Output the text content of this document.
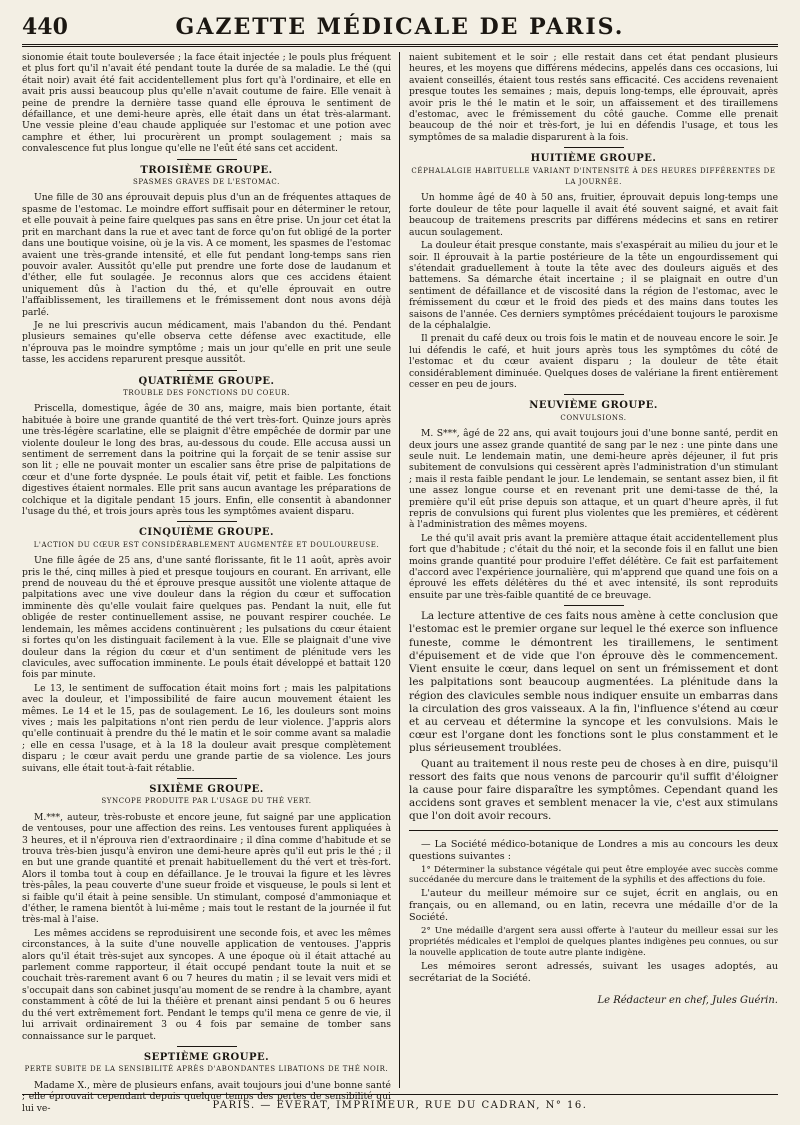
440	GAZETTE MÉDICALE DE PARIS.

sionomie était toute bouleversée ; la face était injectée ; le pouls plus fréquent et plus fort qu'il n'avait été pendant toute la durée de sa maladie. Le thé (qui était noir) avait été fait accidentellement plus fort qu'à l'ordinaire, et elle en avait pris aussi beaucoup plus qu'elle n'avait coutume de faire. Elle venait à peine de prendre la dernière tasse quand elle éprouva le sentiment de défaillance, et une demi-heure après, elle était dans un état très-alarmant. Une vessie pleine d'eau chaude appliquée sur l'estomac et une potion avec camphre et éther, lui procurèrent un prompt soulagement ; mais sa convalescence fut plus longue qu'elle ne l'eût été sans cet accident.

TROISIÈME GROUPE.
SPASMES GRAVES DE L'ESTOMAC.

Une fille de 30 ans éprouvait depuis plus d'un an de fréquentes attaques de spasme de l'estomac. Le moindre effort suffisait pour en déterminer le retour, et elle pouvait à peine faire quelques pas sans en être prise. Un jour cet état la prit en marchant dans la rue et avec tant de force qu'on fut obligé de la porter dans une boutique voisine, où je la vis. A ce moment, les spasmes de l'estomac avaient une très-grande intensité, et elle fut pendant long-temps sans rien pouvoir avaler. Aussitôt qu'elle put prendre une forte dose de laudanum et d'éther, elle fut soulagée. Je reconnus alors que ces accidens étaient uniquement dûs à l'action du thé, et qu'elle éprouvait en outre l'affaiblissement, les tiraillemens et le frémissement dont nous avons déjà parlé.

Je ne lui prescrivis aucun médicament, mais l'abandon du thé. Pendant plusieurs semaines qu'elle observa cette défense avec exactitude, elle n'éprouva pas le moindre symptôme ; mais un jour qu'elle en prit une seule tasse, les accidens reparurent presque aussitôt.

QUATRIÈME GROUPE.
TROUBLE DES FONCTIONS DU COEUR.

Priscella, domestique, âgée de 30 ans, maigre, mais bien portante, était habituée à boire une grande quantité de thé vert très-fort. Quinze jours après une très-légère scarlatine, elle se plaignit d'être empêchée de dormir par une violente douleur le long des bras, au-dessous du coude. Elle accusa aussi un sentiment de serrement dans la poitrine qui la forçait de se tenir assise sur son lit ; elle ne pouvait monter un escalier sans être prise de palpitations de cœur et d'une forte dyspnée. Le pouls était vif, petit et faible. Les fonctions digestives étaient normales. Elle prit sans aucun avantage les préparations de colchique et la digitale pendant 15 jours. Enfin, elle consentit à abandonner l'usage du thé, et trois jours après tous les symptômes avaient disparu.

CINQUIÈME GROUPE.
L'ACTION DU CŒUR EST CONSIDÉRABLEMENT AUGMENTÉE ET DOULOUREUSE.

Une fille âgée de 25 ans, d'une santé florissante, fit le 11 août, après avoir pris le thé, cinq milles à pied et presque toujours en courant. En arrivant, elle prend de nouveau du thé et éprouve presque aussitôt une violente attaque de palpitations avec une vive douleur dans la région du cœur et suffocation imminente dès qu'elle voulait faire quelques pas. Pendant la nuit, elle fut obligée de rester continuellement assise, ne pouvant respirer couchée. Le lendemain, les mêmes accidens continuèrent ; les pulsations du cœur étaient si fortes qu'on les distinguait facilement à la vue. Elle se plaignait d'une vive douleur dans la région du cœur et d'un sentiment de plénitude vers les clavicules, avec suffocation imminente. Le pouls était développé et battait 120 fois par minute.

Le 13, le sentiment de suffocation était moins fort ; mais les palpitations avec la douleur, et l'impossibilité de faire aucun mouvement étaient les mêmes. Le 14 et le 15, pas de soulagement. Le 16, les douleurs sont moins vives ; mais les palpitations n'ont rien perdu de leur violence. J'appris alors qu'elle continuait à prendre du thé le matin et le soir comme avant sa maladie ; elle en cessa l'usage, et à la 18 la douleur avait presque complètement disparu ; le cœur avait perdu une grande partie de sa violence. Les jours suivans, elle était tout-à-fait rétablie.

SIXIÈME GROUPE.
SYNCOPE PRODUITE PAR L'USAGE DU THÉ VERT.

M.***, auteur, très-robuste et encore jeune, fut saigné par une application de ventouses, pour une affection des reins. Les ventouses furent appliquées à 3 heures, et il n'éprouva rien d'extraordinaire ; il dîna comme d'habitude et se trouva très-bien jusqu'à environ une demi-heure après qu'il eut pris le thé ; il en but une grande quantité et prenait habituellement du thé vert et très-fort. Alors il tomba tout à coup en défaillance. Je le trouvai la figure et les lèvres très-pâles, la peau couverte d'une sueur froide et visqueuse, le pouls si lent et si faible qu'il était à peine sensible. Un stimulant, composé d'ammoniaque et d'éther, le ramena bientôt à lui-même ; mais tout le restant de la journée il fut très-mal à l'aise.

Les mêmes accidens se reproduisirent une seconde fois, et avec les mêmes circonstances, à la suite d'une nouvelle application de ventouses. J'appris alors qu'il était très-sujet aux syncopes. A une époque où il était attaché au parlement comme rapporteur, il était occupé pendant toute la nuit et se couchait très-rarement avant 6 ou 7 heures du matin ; il se levait vers midi et s'occupait dans son cabinet jusqu'au moment de se rendre à la chambre, ayant constamment à côté de lui la théière et prenant ainsi pendant 5 ou 6 heures du thé vert extrêmement fort. Pendant le temps qu'il mena ce genre de vie, il lui arrivait ordinairement 3 ou 4 fois par semaine de tomber sans connaissance sur le parquet.

SEPTIÈME GROUPE.
PERTE SUBITE DE LA SENSIBILITÉ APRÈS D'ABONDANTES LIBATIONS DE THÉ NOIR.

Madame X., mère de plusieurs enfans, avait toujours joui d'une bonne santé ; elle éprouvait cependant depuis quelque temps des pertes de sensibilité qui lui ve-

naient subitement et le soir ; elle restait dans cet état pendant plusieurs heures, et les moyens que différens médecins, appelés dans ces occasions, lui avaient conseillés, étaient tous restés sans efficacité. Ces accidens revenaient presque toutes les semaines ; mais, depuis long-temps, elle éprouvait, après avoir pris le thé le matin et le soir, un affaissement et des tiraillemens d'estomac, avec le frémissement du côté gauche. Comme elle prenait beaucoup de thé noir et très-fort, je lui en défendis l'usage, et tous les symptômes de sa maladie disparurent à la fois.

HUITIÈME GROUPE.
CÉPHALALGIE HABITUELLE VARIANT D'INTENSITÉ À DES HEURES DIFFÉRENTES DE LA JOURNÉE.

Un homme âgé de 40 à 50 ans, fruitier, éprouvait depuis long-temps une forte douleur de tête pour laquelle il avait été souvent saigné, et avait fait beaucoup de traitemens prescrits par différens médecins et sans en retirer aucun soulagement.

La douleur était presque constante, mais s'exaspérait au milieu du jour et le soir. Il éprouvait à la partie postérieure de la tête un engourdissement qui s'étendait graduellement à toute la tête avec des douleurs aiguës et des battemens. Sa démarche était incertaine ; il se plaignait en outre d'un sentiment de défaillance et de viscosité dans la région de l'estomac, avec le frémissement du cœur et le froid des pieds et des mains dans toutes les saisons de l'année. Ces derniers symptômes précédaient toujours le paroxisme de la céphalalgie.

Il prenait du café deux ou trois fois le matin et de nouveau encore le soir. Je lui défendis le café, et huit jours après tous les symptômes du côté de l'estomac et du cœur avaient disparu ; la douleur de tête était considérablement diminuée. Quelques doses de valériane la firent entièrement cesser en peu de jours.

NEUVIÈME GROUPE.
CONVULSIONS.

M. S***, âgé de 22 ans, qui avait toujours joui d'une bonne santé, perdit en deux jours une assez grande quantité de sang par le nez : une pinte dans une seule nuit. Le lendemain matin, une demi-heure après déjeuner, il fut pris subitement de convulsions qui cessèrent après l'administration d'un stimulant ; mais il resta faible pendant le jour. Le lendemain, se sentant assez bien, il fit une assez longue course et en revenant prit une demi-tasse de thé, la première qu'il eût prise depuis son attaque, et un quart d'heure après, il fut repris de convulsions qui furent plus violentes que les premières, et cédèrent à l'administration des mêmes moyens.

Le thé qu'il avait pris avant la première attaque était accidentellement plus fort que d'habitude ; c'était du thé noir, et la seconde fois il en fallut une bien moins grande quantité pour produire l'effet délétère. Ce fait est parfaitement d'accord avec l'expérience journalière, qui m'apprend que quand une fois on a éprouvé les effets délétères du thé et avec intensité, ils sont reproduits ensuite par une très-faible quantité de ce breuvage.

La lecture attentive de ces faits nous amène à cette conclusion que l'estomac est le premier organe sur lequel le thé exerce son influence funeste, comme le démontrent les tiraillemens, le sentiment d'épuisement et de vide que l'on éprouve dès le commencement. Vient ensuite le cœur, dans lequel on sent un frémissement et dont les palpitations sont beaucoup augmentées. La plénitude dans la région des clavicules semble nous indiquer ensuite un embarras dans la circulation des gros vaisseaux. A la fin, l'influence s'étend au cœur et au cerveau et détermine la syncope et les convulsions. Mais le cœur est l'organe dont les fonctions sont le plus constamment et le plus sérieusement troublées.

Quant au traitement il nous reste peu de choses à en dire, puisqu'il ressort des faits que nous venons de parcourir qu'il suffit d'éloigner la cause pour faire disparaître les symptômes. Cependant quand les accidens sont graves et semblent menacer la vie, c'est aux stimulans que l'on doit avoir recours.

— La Société médico-botanique de Londres a mis au concours les deux questions suivantes :

1° Déterminer la substance végétale qui peut être employée avec succès comme succédanée du mercure dans le traitement de la syphilis et des affections du foie.

L'auteur du meilleur mémoire sur ce sujet, écrit en anglais, ou en français, ou en allemand, ou en latin, recevra une médaille d'or de la Société.

2° Une médaille d'argent sera aussi offerte à l'auteur du meilleur essai sur les propriétés médicales et l'emploi de quelques plantes indigènes peu connues, ou sur la nouvelle application de toute autre plante indigène.

Les mémoires seront adressés, suivant les usages adoptés, au secrétariat de la Société.

Le Rédacteur en chef, Jules Guérin.
PARIS. — ÉVERAT, IMPRIMEUR, RUE DU CADRAN, N° 16.
